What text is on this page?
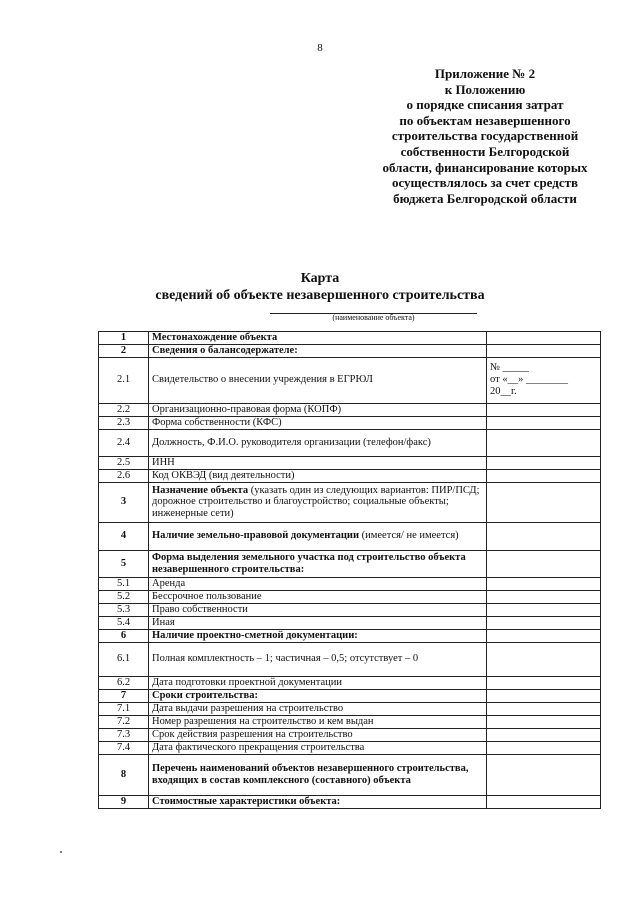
8
Приложение № 2
к Положению
о порядке списания затрат
по объектам незавершенного
строительства государственной
собственности Белгородской
области, финансирование которых
осуществлялось за счет средств
бюджета Белгородской области
Карта
сведений об объекте незавершенного строительства
(наименование объекта)
1	Местонахождение объекта	
2	Сведения о балансодержателе:	
2.1	Свидетельство о внесении учреждения в ЕГРЮЛ	№ _____
от «__» ________
20__г.

2.2	Организационно-правовая форма (КОПФ)	
2.3	Форма собственности (КФС)	
2.4	Должность, Ф.И.О. руководителя организации (телефон/факс)	
2.5	ИНН	
2.6	Код ОКВЭД (вид деятельности)	
3	Назначение объекта (указать один из следующих вариантов: ПИР/ПСД; дорожное строительство и благоустройство; социальные объекты; инженерные сети)	
4	Наличие земельно-правовой документации (имеется/ не имеется)	
5	Форма выделения земельного участка под строительство объекта незавершенного строительства:	
5.1	Аренда	
5.2	Бессрочное пользование	
5.3	Право собственности	
5.4	Иная	
6	Наличие проектно-сметной документации:	
6.1	Полная комплектность – 1; частичная – 0,5; отсутствует – 0	
6.2	Дата подготовки проектной документации	
7	Сроки строительства:	
7.1	Дата выдачи разрешения на строительство	
7.2	Номер разрешения на строительство и кем выдан	
7.3	Срок действия разрешения на строительство	
7.4	Дата фактического прекращения строительства	
8	Перечень наименований объектов незавершенного строительства, входящих в состав комплексного (составного) объекта	
9	Стоимостные характеристики объекта:	
